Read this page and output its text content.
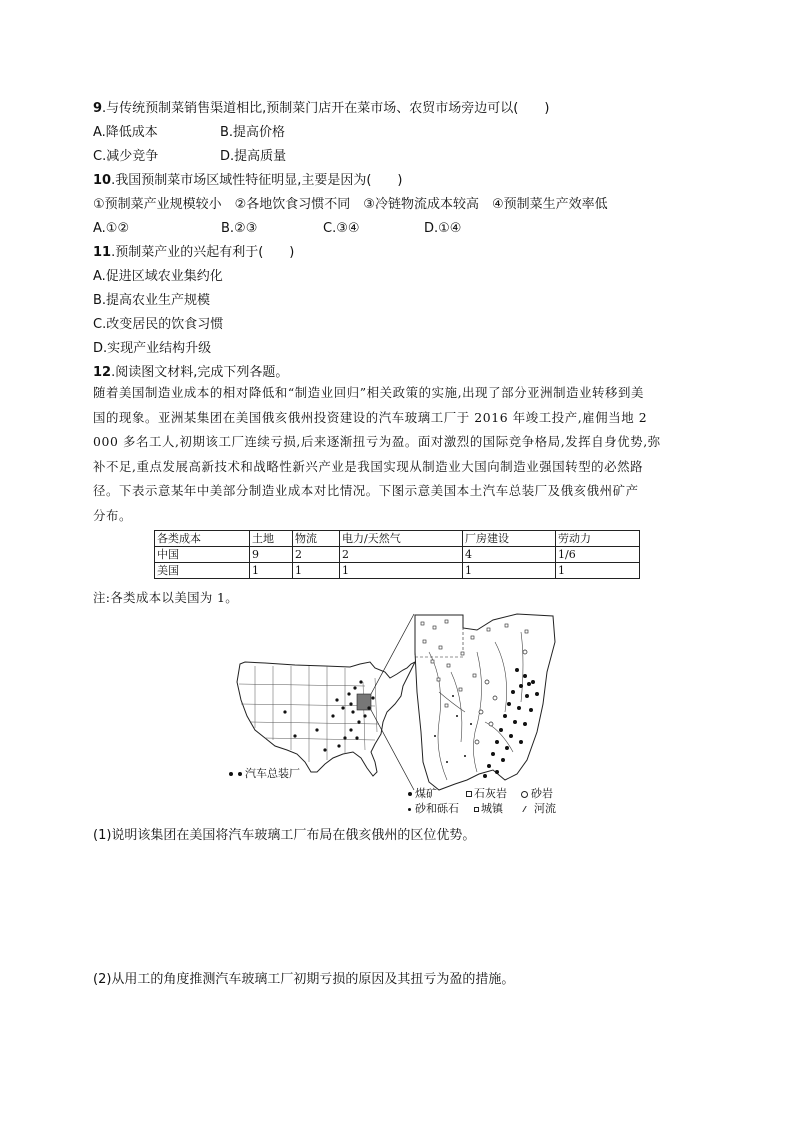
9.与传统预制菜销售渠道相比,预制菜门店开在菜市场、农贸市场旁边可以(　　)
A.降低成本	B.提高价格
C.减少竞争	D.提高质量
10.我国预制菜市场区域性特征明显,主要是因为(　　)
①预制菜产业规模较小　②各地饮食习惯不同　③冷链物流成本较高　④预制菜生产效率低
A.①②	B.②③	C.③④	D.①④
11.预制菜产业的兴起有利于(　　)
A.促进区域农业集约化
B.提高农业生产规模
C.改变居民的饮食习惯
D.实现产业结构升级
12.阅读图文材料,完成下列各题。
随着美国制造业成本的相对降低和“制造业回归”相关政策的实施,出现了部分亚洲制造业转移到美
国的现象。亚洲某集团在美国俄亥俄州投资建设的汽车玻璃工厂于 2016 年竣工投产,雇佣当地 2
000 多名工人,初期该工厂连续亏损,后来逐渐扭亏为盈。面对激烈的国际竞争格局,发挥自身优势,弥
补不足,重点发展高新技术和战略性新兴产业是我国实现从制造业大国向制造业强国转型的必然路
径。下表示意某年中美部分制造业成本对比情况。下图示意美国本土汽车总装厂及俄亥俄州矿产
分布。
各类成本	土地	物流	电力/天然气	厂房建设	劳动力
中国	9	2	2	4	1/6
美国	1	1	1	1	1
注:各类成本以美国为 1。
汽车总装厂
煤矿	石灰岩	砂岩
砂和砾石	城镇	河流
(1)说明该集团在美国将汽车玻璃工厂布局在俄亥俄州的区位优势。
(2)从用工的角度推测汽车玻璃工厂初期亏损的原因及其扭亏为盈的措施。
